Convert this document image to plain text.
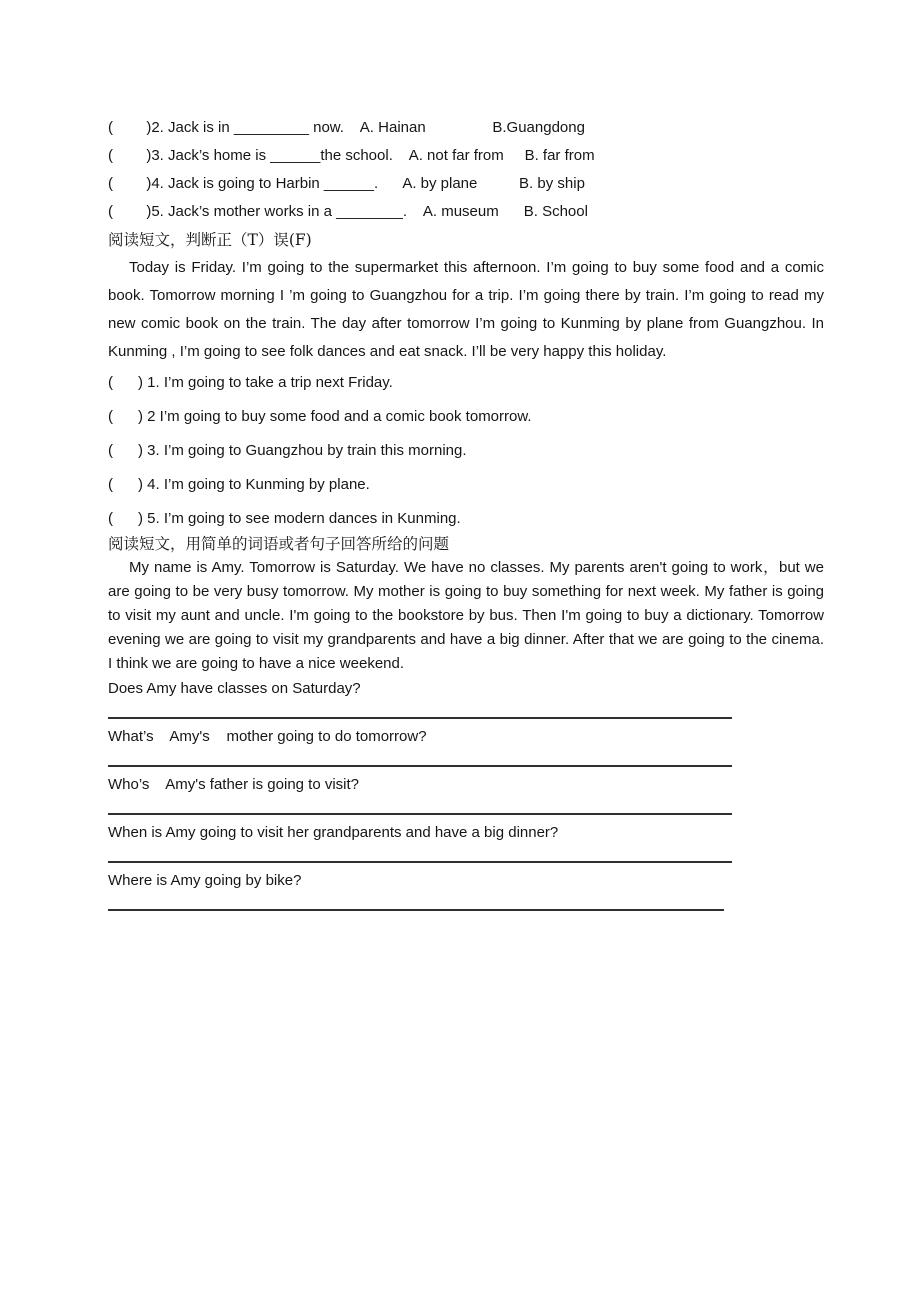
(        )2. Jack is in _________ now.    A. Hainan                B.Guangdong
(        )3. Jack’s home is ______the school.    A. not far from     B. far from
(        )4. Jack is going to Harbin ______.      A. by plane          B. by ship
(        )5. Jack’s mother works in a ________.    A. museum      B. School
阅读短文，判断正（T）误(F)
Today is Friday. I’m going to the supermarket this afternoon. I’m going to buy some food and a comic book. Tomorrow morning I ’m going to Guangzhou for a trip. I’m going there by train. I’m going to read my new comic book on the train. The day after tomorrow I’m going to Kunming by plane from Guangzhou. In Kunming , I’m going to see folk dances and eat snack. I’ll be very happy this holiday.
(      ) 1. I’m going to take a trip next Friday.
(      ) 2 I’m going to buy some food and a comic book tomorrow.
(      ) 3. I’m going to Guangzhou by train this morning.
(      ) 4. I’m going to Kunming by plane.
(      ) 5. I’m going to see modern dances in Kunming.
阅读短文，用简单的词语或者句子回答所给的问题
My name is Amy. Tomorrow is Saturday. We have no classes. My parents aren't going to work，but we are going to be very busy tomorrow. My mother is going to buy something for next week. My father is going to visit my aunt and uncle. I'm going to the bookstore by bus. Then I'm going to buy a dictionary. Tomorrow evening we are going to visit my grandparents and have a big dinner. After that we are going to the cinema. I think we are going to have a nice weekend.
Does Amy have classes on Saturday?
What’s    Amy's    mother going to do tomorrow?
Who’s    Amy's father is going to visit?
When is Amy going to visit her grandparents and have a big dinner?
Where is Amy going by bike?
